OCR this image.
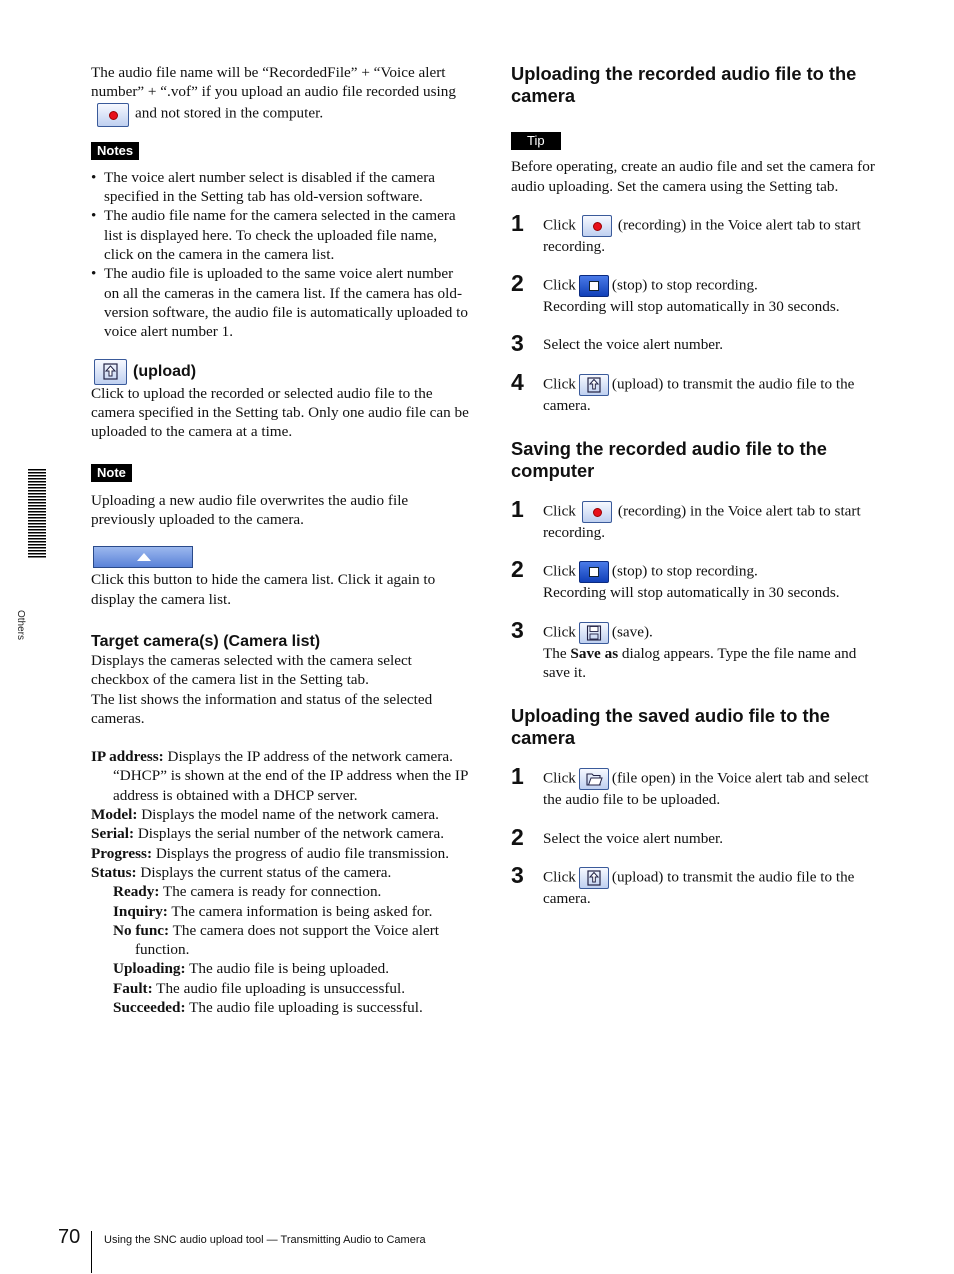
Others

The audio file name will be “RecordedFile” + “Voice alert number” + “.vof” if you upload an audio file recorded using
and not stored in the computer.

Notes
• The voice alert number select is disabled if the camera specified in the Setting tab has old-version software.
• The audio file name for the camera selected in the camera list is displayed here. To check the uploaded file name, click on the camera in the camera list.
• The audio file is uploaded to the same voice alert number on all the cameras in the camera list. If the camera has old-version software, the audio file is automatically uploaded to voice alert number 1.
(upload)

Click to upload the recorded or selected audio file to the camera specified in the Setting tab. Only one audio file can be uploaded to the camera at a time.

Note

Uploading a new audio file overwrites the audio file previously uploaded to the camera.

Click this button to hide the camera list. Click it again to display the camera list.

Target camera(s) (Camera list)

Displays the cameras selected with the camera select checkbox of the camera list in the Setting tab.

The list shows the information and status of the selected cameras.

IP address: Displays the IP address of the network camera. “DHCP” is shown at the end of the IP address when the IP address is obtained with a DHCP server.

Model: Displays the model name of the network camera.

Serial: Displays the serial number of the network camera.

Progress: Displays the progress of audio file transmission.

Status: Displays the current status of the camera.

Ready: The camera is ready for connection.

Inquiry: The camera information is being asked for.

No func: The camera does not support the Voice alert function.

Uploading: The audio file is being uploaded.

Fault: The audio file uploading is unsuccessful.

Succeeded: The audio file uploading is successful.

Uploading the recorded audio file to the camera

Tip

Before operating, create an audio file and set the camera for audio uploading. Set the camera using the Setting tab.

1 Click	(recording) in the Voice alert tab to start recording.
2 Click (stop) to stop recording.
Recording will stop automatically in 30 seconds.
3 Select the voice alert number.
4 Click (upload) to transmit the audio file to the camera.

Saving the recorded audio file to the computer

1 Click	(recording) in the Voice alert tab to start recording.
2 Click (stop) to stop recording.
Recording will stop automatically in 30 seconds.
3 Click (save).
The Save as dialog appears. Type the file name and save it.

Uploading the saved audio file to the camera

1 Click (file open) in the Voice alert tab and select the audio file to be uploaded.
2 Select the voice alert number.
3 Click (upload) to transmit the audio file to the camera.
70 Using the SNC audio upload tool — Transmitting Audio to Camera
